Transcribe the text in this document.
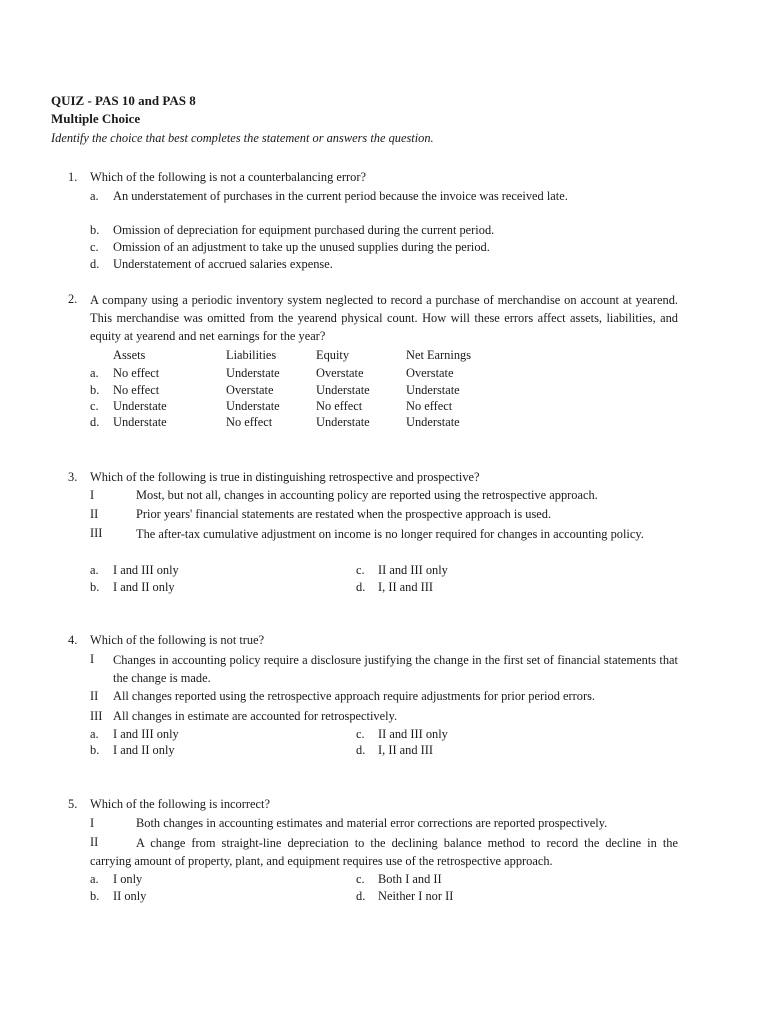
QUIZ - PAS 10 and PAS 8
Multiple Choice
Identify the choice that best completes the statement or answers the question.
1. Which of the following is not a counterbalancing error?
a. An understatement of purchases in the current period because the invoice was received late.
b. Omission of depreciation for equipment purchased during the current period.
c. Omission of an adjustment to take up the unused supplies during the period.
d. Understatement of accrued salaries expense.
2. A company using a periodic inventory system neglected to record a purchase of merchandise on account at yearend. This merchandise was omitted from the yearend physical count. How will these errors affect assets, liabilities, and equity at yearend and net earnings for the year?
Assets	Liabilities	Equity	Net Earnings
a. No effect	Understate	Overstate	Overstate
b. No effect	Overstate	Understate	Understate
c. Understate	Understate	No effect	No effect
d. Understate	No effect	Understate	Understate
3. Which of the following is true in distinguishing retrospective and prospective?
I	Most, but not all, changes in accounting policy are reported using the retrospective approach.
II	Prior years' financial statements are restated when the prospective approach is used.
III	The after-tax cumulative adjustment on income is no longer required for changes in accounting policy.
a. I and III only
b. I and II only
c. II and III only
d. I, II and III
4. Which of the following is not true?
I Changes in accounting policy require a disclosure justifying the change in the first set of financial statements that the change is made.
II All changes reported using the retrospective approach require adjustments for prior period errors.
III All changes in estimate are accounted for retrospectively.
a. I and III only
b. I and II only
c. II and III only
d. I, II and III
5. Which of the following is incorrect?
I	Both changes in accounting estimates and material error corrections are reported prospectively.
II	A change from straight-line depreciation to the declining balance method to record the decline in the carrying amount of property, plant, and equipment requires use of the retrospective approach.
a. I only
b. II only
c. Both I and II
d. Neither I nor II
